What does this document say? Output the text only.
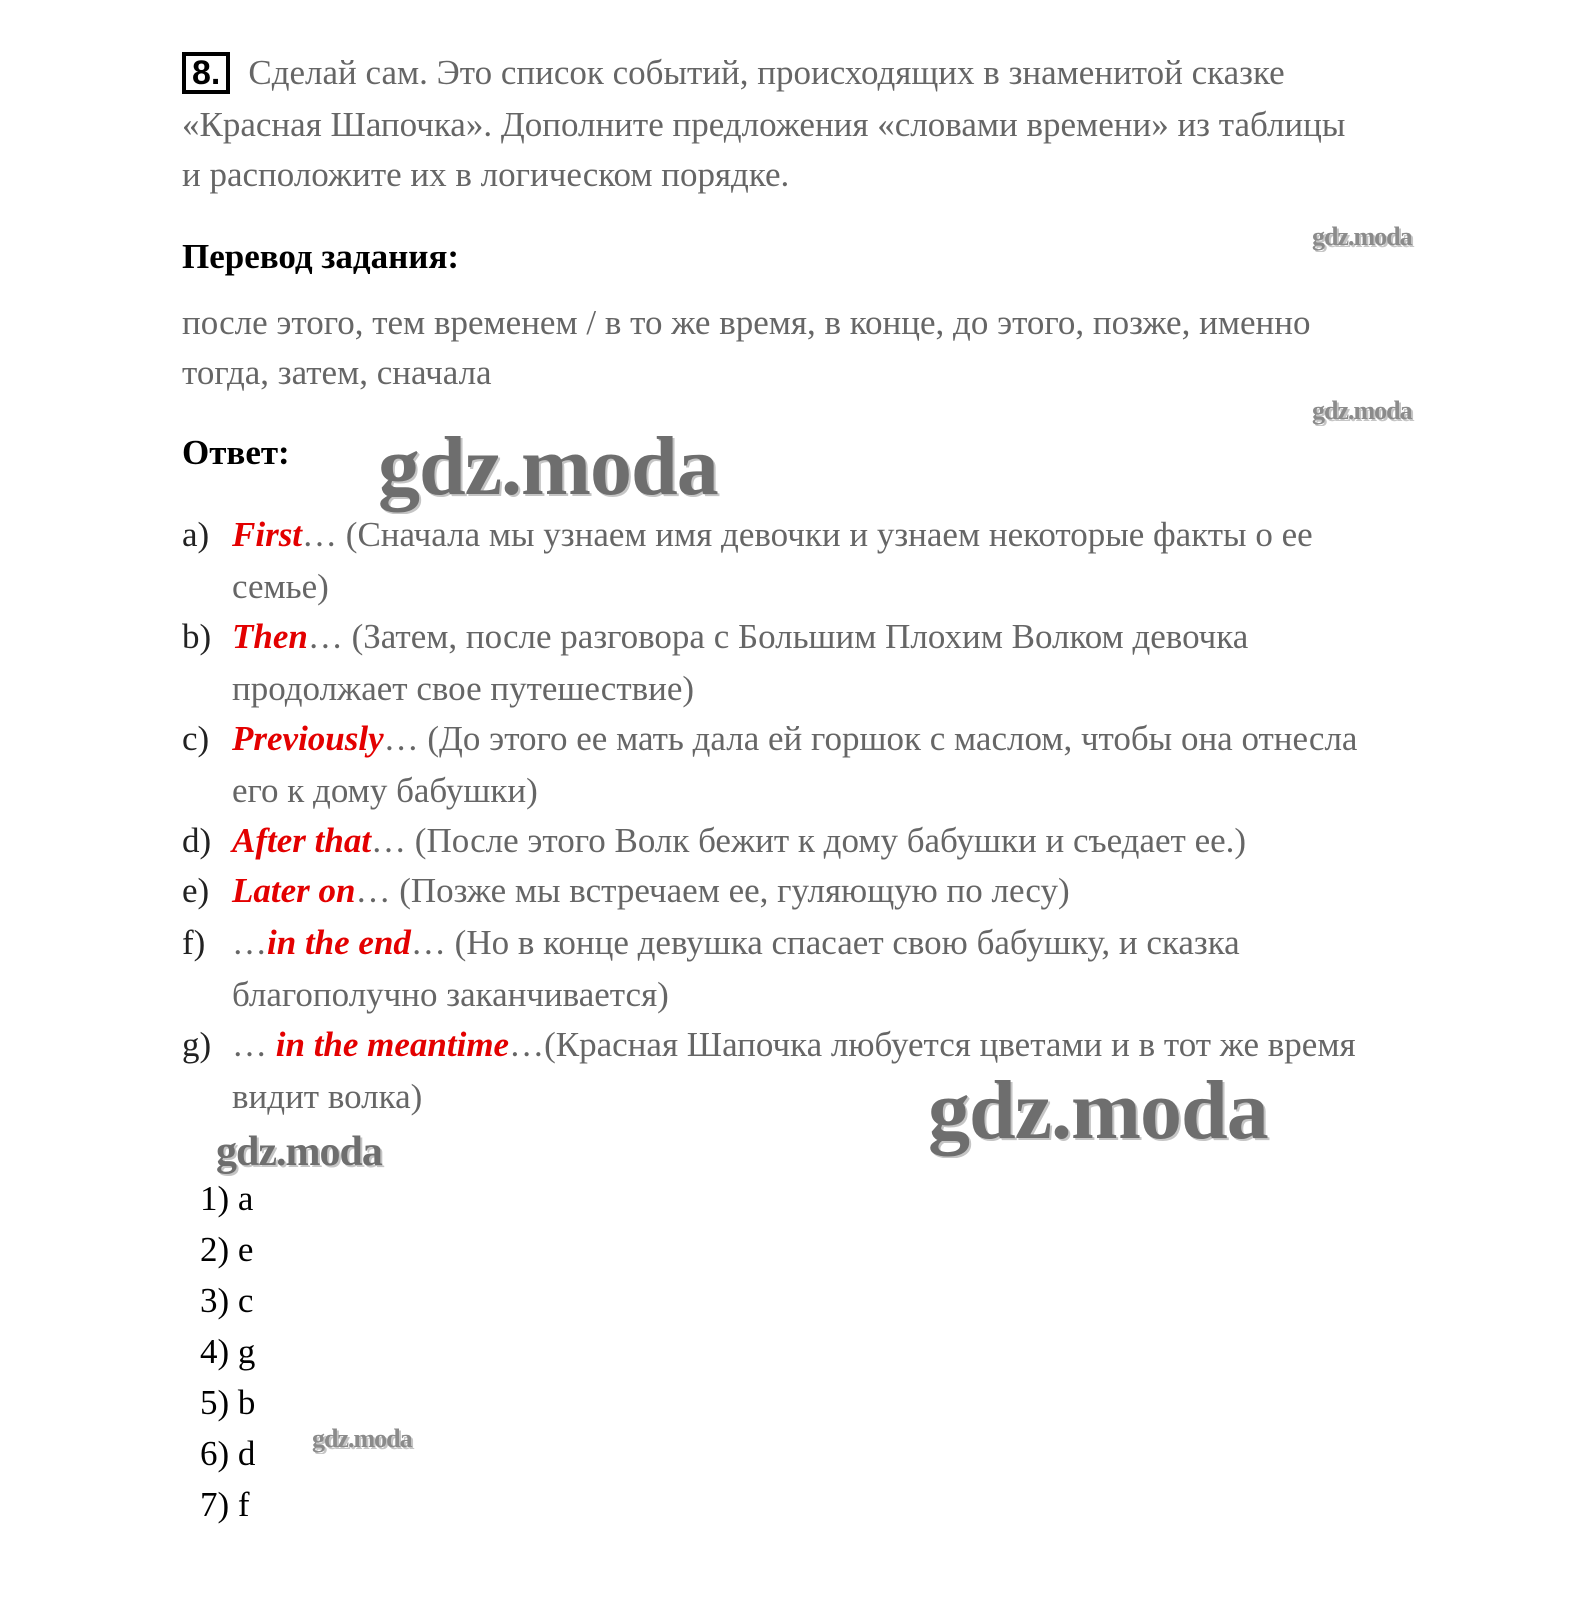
8. Сделай сам. Это список событий, происходящих в знаменитой сказке
«Красная Шапочка». Дополните предложения «словами времени» из таблицы
и расположите их в логическом порядке.
Перевод задания:
после этого, тем временем / в то же время, в конце, до этого, позже, именно
тогда, затем, сначала
Ответ:
a) First… (Сначала мы узнаем имя девочки и узнаем некоторые факты о ее
семье)
b) Then… (Затем, после разговора с Большим Плохим Волком девочка
продолжает свое путешествие)
c) Previously… (До этого ее мать дала ей горшок с маслом, чтобы она отнесла
его к дому бабушки)
d) After that… (После этого Волк бежит к дому бабушки и съедает ее.)
e) Later on… (Позже мы встречаем ее, гуляющую по лесу)
f) …in the end… (Но в конце девушка спасает свою бабушку, и сказка
благополучно заканчивается)
g) … in the meantime…(Красная Шапочка любуется цветами и в тот же время
видит волка)
1) a
2) e
3) c
4) g
5) b
6) d
7) f
gdz.moda
gdz.moda
gdz.moda
gdz.moda
gdz.moda
gdz.moda
